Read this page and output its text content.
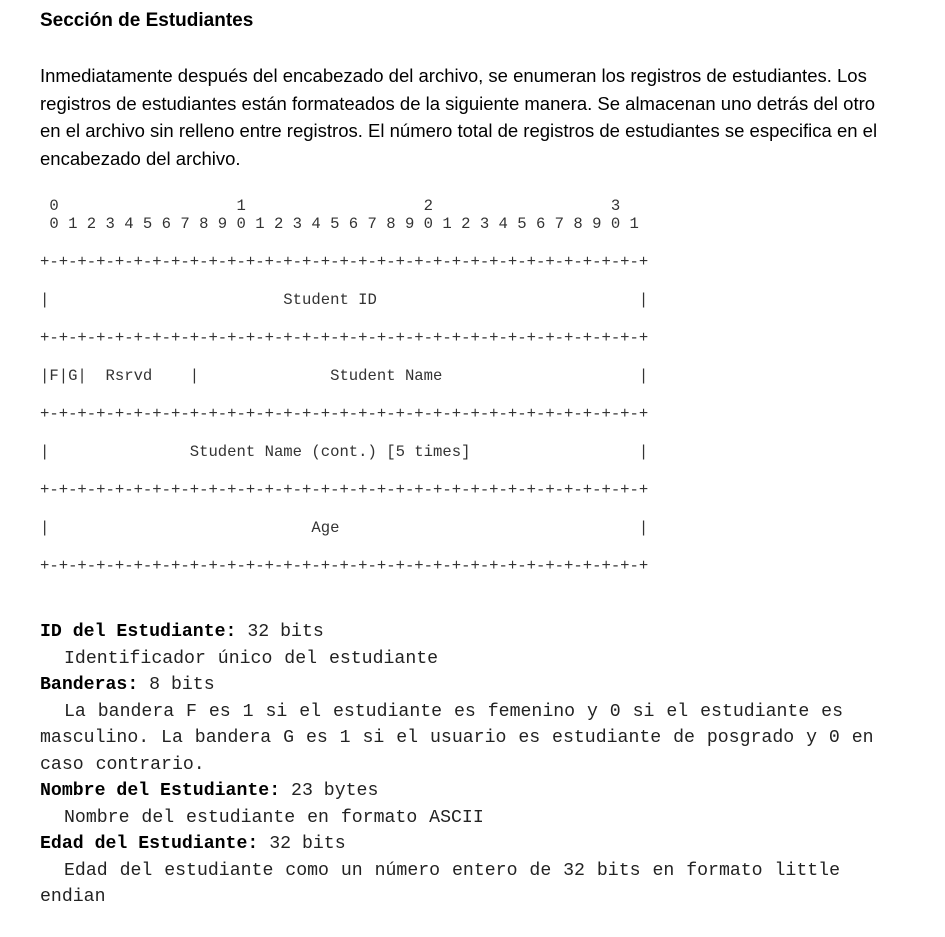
Sección de Estudiantes

Inmediatamente después del encabezado del archivo, se enumeran los registros de estudiantes. Los registros de estudiantes están formateados de la siguiente manera. Se almacenan uno detrás del otro en el archivo sin relleno entre registros. El número total de registros de estudiantes se especifica en el encabezado del archivo.

0                   1                   2                   3
0 1 2 3 4 5 6 7 8 9 0 1 2 3 4 5 6 7 8 9 0 1 2 3 4 5 6 7 8 9 0 1
+-+-+-+-+-+-+-+-+-+-+-+-+-+-+-+-+-+-+-+-+-+-+-+-+-+-+-+-+-+-+-+-+
|                         Student ID                            |
+-+-+-+-+-+-+-+-+-+-+-+-+-+-+-+-+-+-+-+-+-+-+-+-+-+-+-+-+-+-+-+-+
|F|G|  Rsrvd    |              Student Name                     |
+-+-+-+-+-+-+-+-+-+-+-+-+-+-+-+-+-+-+-+-+-+-+-+-+-+-+-+-+-+-+-+-+
|               Student Name (cont.) [5 times]                  |
+-+-+-+-+-+-+-+-+-+-+-+-+-+-+-+-+-+-+-+-+-+-+-+-+-+-+-+-+-+-+-+-+
|                            Age                                |
+-+-+-+-+-+-+-+-+-+-+-+-+-+-+-+-+-+-+-+-+-+-+-+-+-+-+-+-+-+-+-+-+
ID del Estudiante: 32 bits

Identificador único del estudiante

Banderas: 8 bits

La bandera F es 1 si el estudiante es femenino y 0 si el estudiante es masculino. La bandera G es 1 si el usuario es estudiante de posgrado y 0 en caso contrario.

Nombre del Estudiante: 23 bytes

Nombre del estudiante en formato ASCII

Edad del Estudiante: 32 bits

Edad del estudiante como un número entero de 32 bits en formato little endian
